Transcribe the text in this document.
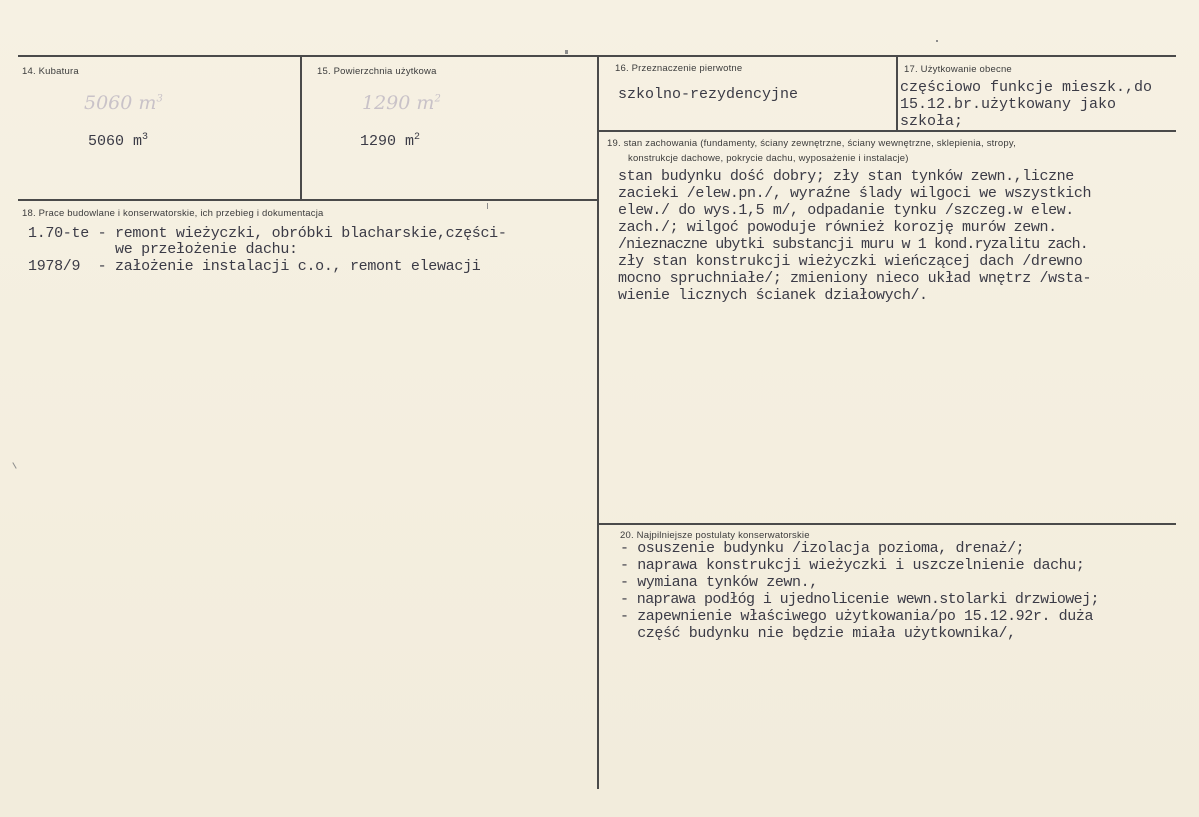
14. Kubatura
5060 $m^3$
5060 $m^3$
15. Powierzchnia użytkowa
1290 $m^2$
1290 $m^2$
16. Przeznaczenie pierwotne
szkolno-rezydencyjne
17. Użytkowanie obecne
częściowo funkcje mieszk.,do
15.12.br.użytkowany jako
szkoła;
18. Prace budowlane i konserwatorskie, ich przebieg i dokumentacja
1.70-te - remont wieżyczki, obróbki blacharskie,części-
we przełożenie dachu:
1978/9  - założenie instalacji c.o., remont elewacji
19. stan zachowania (fundamenty, ściany zewnętrzne, ściany wewnętrzne, sklepienia, stropy,
konstrukcje dachowe, pokrycie dachu, wyposażenie i instalacje)
stan budynku dość dobry; zły stan tynków zewn.,liczne
zacieki /elew.pn./, wyraźne ślady wilgoci we wszystkich
elew./ do wys.1,5 m/, odpadanie tynku /szczeg.w elew.
zach./; wilgoć powoduje również korozję murów zewn.
/nieznaczne ubytki substancji muru w 1 kond.ryzalitu zach.
zły stan konstrukcji wieżyczki wieńczącej dach /drewno
mocno spruchniałe/; zmieniony nieco układ wnętrz /wsta-
wienie licznych ścianek działowych/.
20. Najpilniejsze postulaty konserwatorskie
- osuszenie budynku /izolacja pozioma, drenaż/;
- naprawa konstrukcji wieżyczki i uszczelnienie dachu;
- wymiana tynków zewn.,
- naprawa podłóg i ujednolicenie wewn.stolarki drzwiowej;
- zapewnienie właściwego użytkowania/po 15.12.92r. duża
część budynku nie będzie miała użytkownika/,
